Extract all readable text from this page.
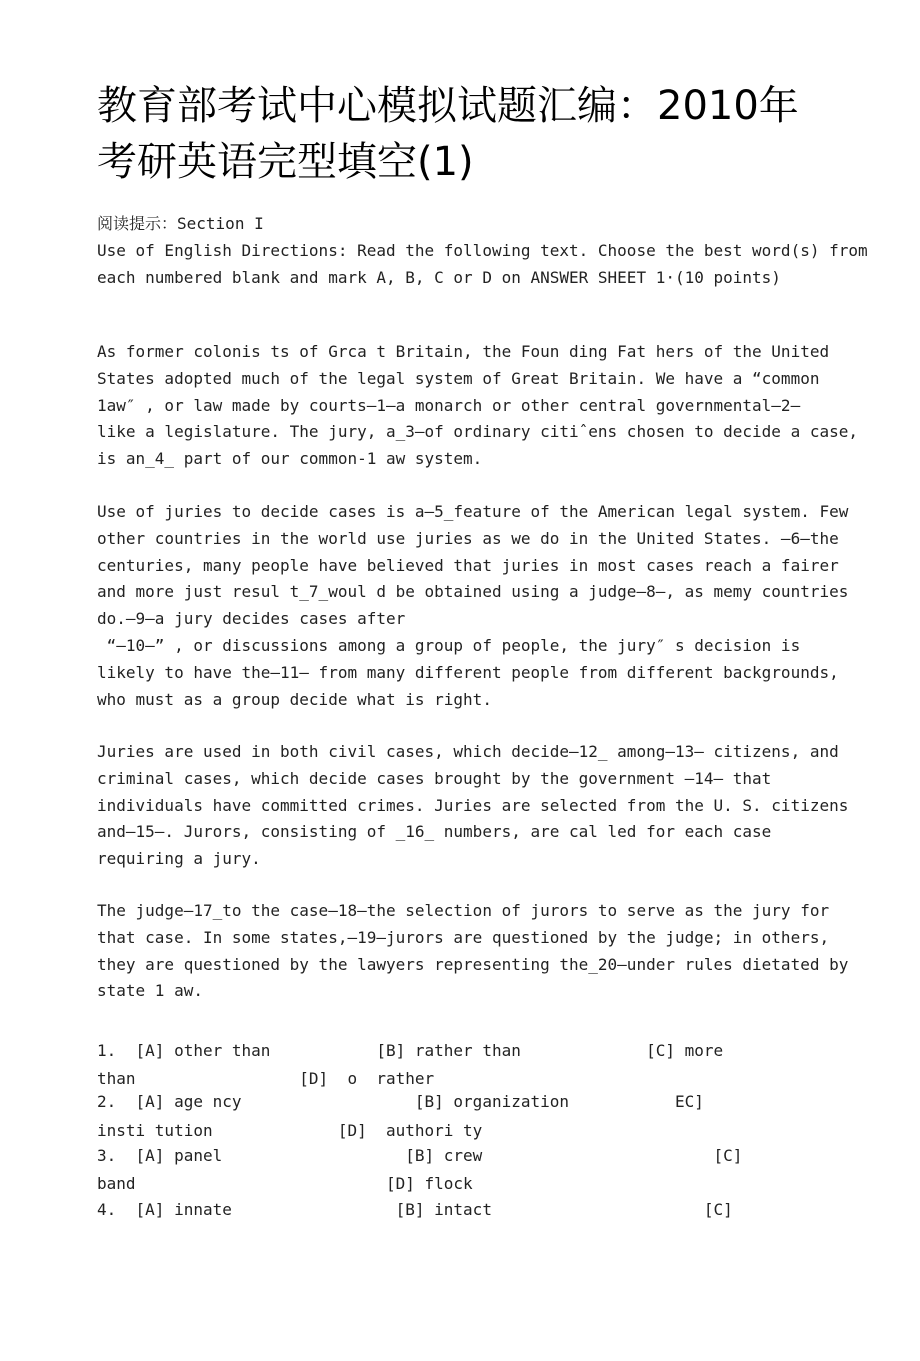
教育部考试中心模拟试题汇编：2010年
考研英语完型填空(1)
阅读提示：Section I
Use of English Directions: Read the following text. Choose the best word(s) from
each numbered blank and mark A, B, C or D on ANSWER SHEET 1·(10 points)
As former colonis ts of Grca t Britain, the Foun ding Fat hers of the United
States adopted much of the legal system of Great Britain. We have a “common
1aw″ , or law made by courts—1—a monarch or other central governmental—2—
like a legislature. The jury, a_3—of ordinary citiˆens chosen to decide a case,
is an_4_ part of our common-1 aw system.
Use of juries to decide cases is a—5_feature of the American legal system. Few
other countries in the world use juries as we do in the United States. —6—the
centuries, many people have believed that juries in most cases reach a fairer
and more just resul t_7_woul d be obtained using a judge—8—, as memy countries
do.—9—a jury decides cases after
“—10—” , or discussions among a group of people, the jury″ s decision is
likely to have the—11— from many different people from different backgrounds,
who must as a group decide what is right.
Juries are used in both civil cases, which decide—12_ among—13— citizens, and
criminal cases, which decide cases brought by the government —14— that
individuals have committed crimes. Juries are selected from the U. S. citizens
and—15—. Jurors, consisting of _16_ numbers, are cal led for each case
requiring a jury.
The judge—17_to the case—18—the selection of jurors to serve as the jury for
that case. In some states,—19—jurors are questioned by the judge; in others,
they are questioned by the lawyers representing the_20—under rules dietated by
state 1 aw.
1.  [A] other than           [B] rather than             [C] more
than                 [D]  ο  rather
2.  [A] age ncy                  [B] organization           EC]
insti tution             [D]  authori ty
3.  [A] panel                   [B] crew                        [C]
band                          [D] flock
4.  [A] innate                 [B] intact                      [C]
